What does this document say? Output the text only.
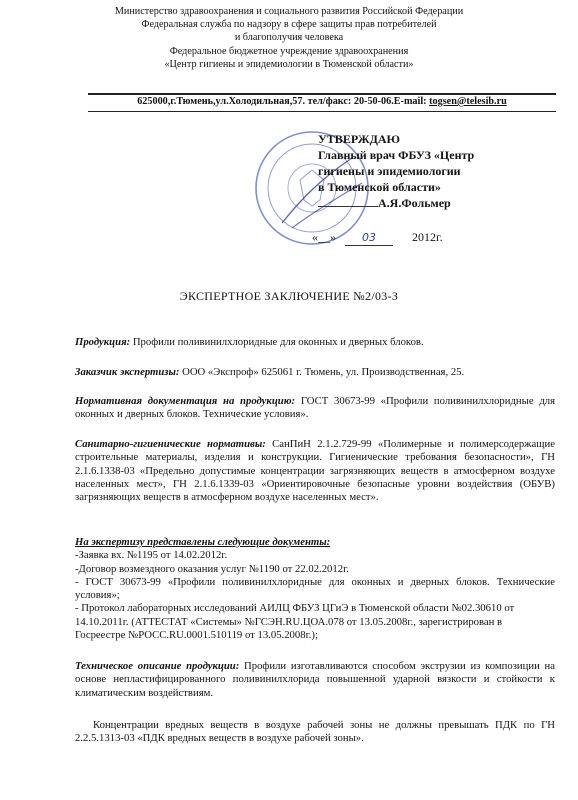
Министерство здравоохранения и социального развития Российской Федерации
Федеральная служба по надзору в сфере защиты прав потребителей
и благополучия человека
Федеральное бюджетное учреждение здравоохранения
«Центр гигиены и эпидемиологии в Тюменской области»
625000,г.Тюмень,ул.Холодильная,57. тел/факс: 20-50-06.E-mail: togsen@telesib.ru
УТВЕРЖДАЮ
Главный врач ФБУЗ «Центр
гигиены и эпидемиологии
в Тюменской области»
А.Я.Фольмер
«__» 03	2012г.
ЭКСПЕРТНОЕ ЗАКЛЮЧЕНИЕ №2/03-З
Продукция: Профили поливинилхлоридные для оконных и дверных блоков.
Заказчик экспертизы: ООО «Экспроф» 625061 г. Тюмень, ул. Производственная, 25.
Нормативная документация на продукцию: ГОСТ 30673-99 «Профили поливинилхлоридные для оконных и дверных блоков. Технические условия».
Санитарно-гигиенические нормативы: СанПиН 2.1.2.729-99 «Полимерные и полимерсодержащие строительные материалы, изделия и конструкции. Гигиенические требования безопасности», ГН 2.1.6.1338-03 «Предельно допустимые концентрации загрязняющих веществ в атмосферном воздухе населенных мест», ГН 2.1.6.1339-03 «Ориентировочные безопасные уровни воздействия (ОБУВ) загрязняющих веществ в атмосферном воздухе населенных мест».
На экспертизу представлены следующие документы:
-Заявка вх. №1195 от 14.02.2012г.
-Договор возмездного оказания услуг №1190 от 22.02.2012г.
- ГОСТ 30673-99 «Профили поливинилхлоридные для оконных и дверных блоков. Технические условия»;
- Протокол лабораторных исследований АИЛЦ ФБУЗ ЦГиЭ в Тюменской области №02.30610 от 14.10.2011г. (АТТЕСТАТ «Системы» №ГСЭН.RU.ЦОА.078 от 13.05.2008г., зарегистрирован в Госреестре №РОСС.RU.0001.510119 от 13.05.2008г.);
Техническое описание продукции: Профили изготавливаются способом экструзии из композиции на основе непластифицированного поливинилхлорида повышенной ударной вязкости и стойкости к климатическим воздействиям.
Концентрации вредных веществ в воздухе рабочей зоны не должны превышать ПДК по ГН 2.2.5.1313-03 «ПДК вредных веществ в воздухе рабочей зоны».
